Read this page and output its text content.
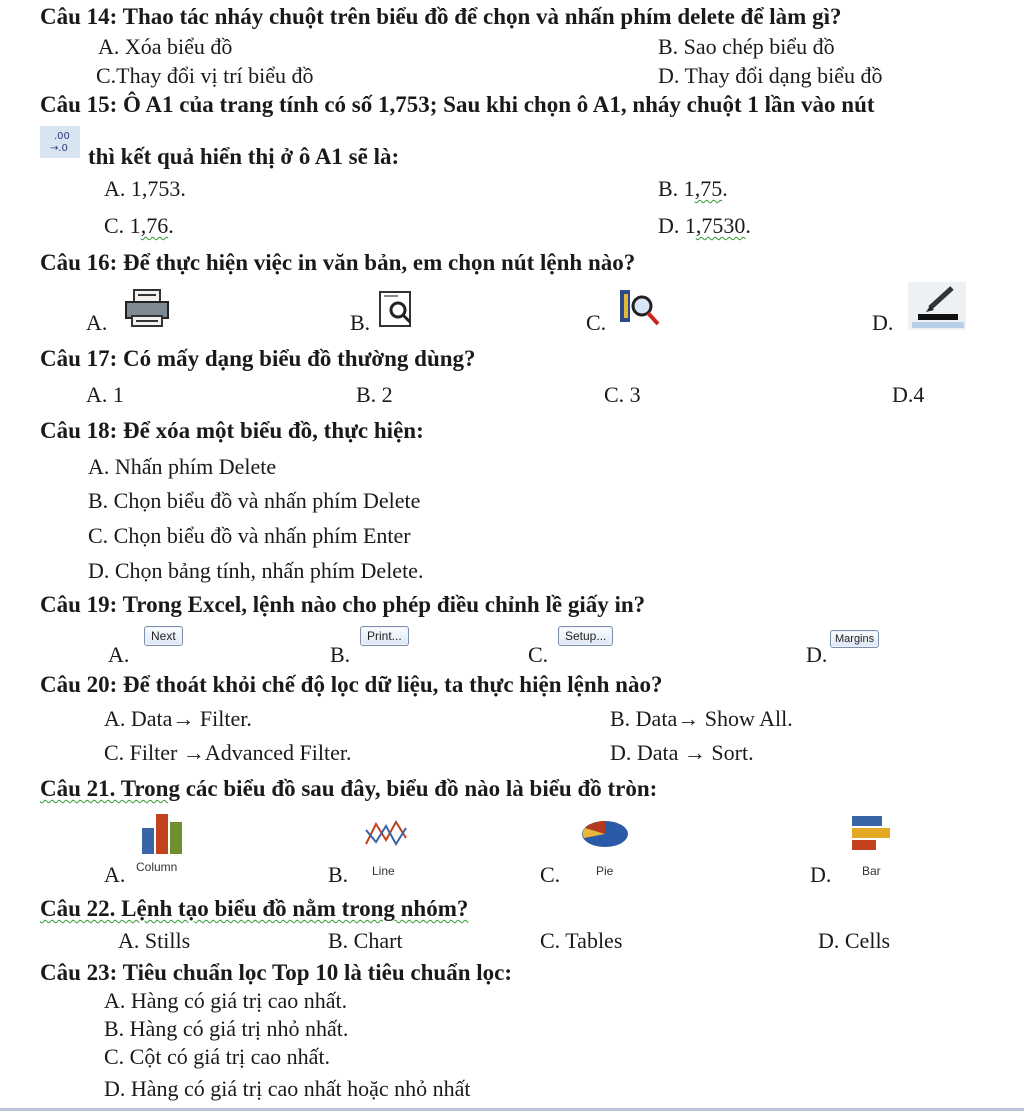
Câu 14: Thao tác nháy chuột trên biểu đồ để chọn và nhấn phím delete để làm gì?
A. Xóa biểu đồ	B. Sao chép biểu đồ
C.Thay đổi vị trí biểu đồ	D. Thay đổi dạng biểu đồ
Câu 15: Ô A1 của trang tính có số 1,753; Sau khi chọn ô A1, nháy chuột 1 lần vào nút
.00
→.0 thì kết quả hiển thị ở ô A1 sẽ là:
A. 1,753.	B. 1,75.
C. 1,76.	D. 1,7530.
Câu 16: Để thực hiện việc in văn bản, em chọn nút lệnh nào?
A.	B.	C.	D.
Câu 17: Có mấy dạng biểu đồ thường dùng?
A. 1	B. 2	C. 3	D.4
Câu 18: Để xóa một biểu đồ, thực hiện:
A. Nhấn phím Delete
B. Chọn biểu đồ và nhấn phím Delete
C. Chọn biểu đồ và nhấn phím Enter
D. Chọn bảng tính, nhấn phím Delete.
Câu 19: Trong Excel, lệnh nào cho phép điều chỉnh lề giấy in?
A.
Next
B.
Print...
C.
Setup...
D.
Margins
Câu 20: Để thoát khỏi chế độ lọc dữ liệu, ta thực hiện lệnh nào?
A. Data→ Filter.	B. Data→ Show All.
C. Filter →Advanced Filter.	D. Data → Sort.
Câu 21. Trong các biểu đồ sau đây, biểu đồ nào là biểu đồ tròn:
A. Column	B. Line	C.	Pie	D.	Bar
Câu 22. Lệnh tạo biểu đồ nằm trong nhóm?
A. Stills	B. Chart	C. Tables	D. Cells
Câu 23: Tiêu chuẩn lọc Top 10 là tiêu chuẩn lọc:
A. Hàng có giá trị cao nhất.
B. Hàng có giá trị nhỏ nhất.
C. Cột có giá trị cao nhất.
D. Hàng có giá trị cao nhất hoặc nhỏ nhất
